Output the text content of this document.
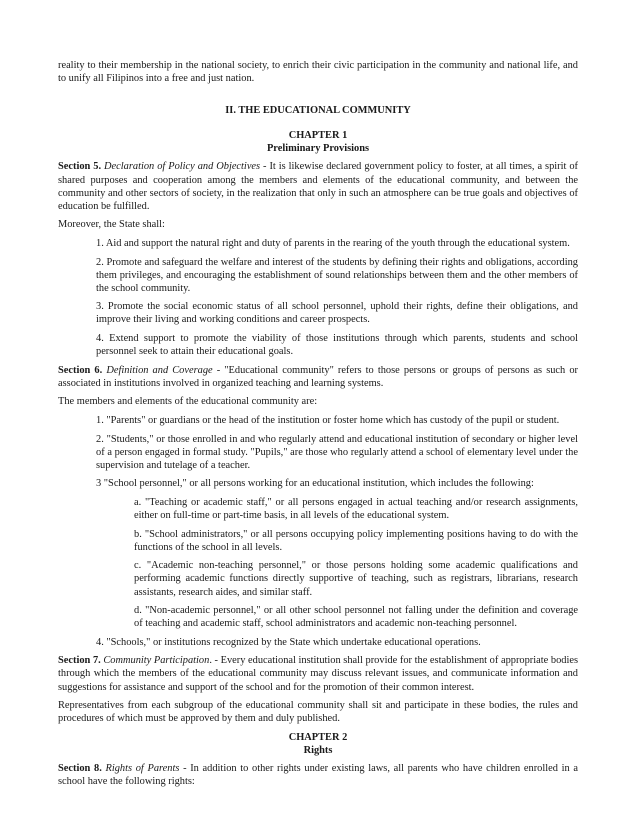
reality to their membership in the national society, to enrich their civic participation in the community and national life, and to unify all Filipinos into a free and just nation.

II. THE EDUCATIONAL COMMUNITY

CHAPTER 1

Preliminary Provisions

Section 5. Declaration of Policy and Objectives - It is likewise declared government policy to foster, at all times, a spirit of shared purposes and cooperation among the members and elements of the educational community, and between the community and other sectors of society, in the realization that only in such an atmosphere can be true goals and objectives of education be fulfilled.

Moreover, the State shall:

1. Aid and support the natural right and duty of parents in the rearing of the youth through the educational system.

2. Promote and safeguard the welfare and interest of the students by defining their rights and obligations, according them privileges, and encouraging the establishment of sound relationships between them and the other members of the school community.

3. Promote the social economic status of all school personnel, uphold their rights, define their obligations, and improve their living and working conditions and career prospects.

4. Extend support to promote the viability of those institutions through which parents, students and school personnel seek to attain their educational goals.

Section 6. Definition and Coverage - "Educational community" refers to those persons or groups of persons as such or associated in institutions involved in organized teaching and learning systems.

The members and elements of the educational community are:

1. "Parents" or guardians or the head of the institution or foster home which has custody of the pupil or student.

2. "Students," or those enrolled in and who regularly attend and educational institution of secondary or higher level of a person engaged in formal study. "Pupils," are those who regularly attend a school of elementary level under the supervision and tutelage of a teacher.

3 "School personnel," or all persons working for an educational institution, which includes the following:

a. "Teaching or academic staff," or all persons engaged in actual teaching and/or research assignments, either on full-time or part-time basis, in all levels of the educational system.

b. "School administrators," or all persons occupying policy implementing positions having to do with the functions of the school in all levels.

c. "Academic non-teaching personnel," or those persons holding some academic qualifications and performing academic functions directly supportive of teaching, such as registrars, librarians, research assistants, research aides, and similar staff.

d. "Non-academic personnel," or all other school personnel not falling under the definition and coverage of teaching and academic staff, school administrators and academic non-teaching personnel.

4. "Schools," or institutions recognized by the State which undertake educational operations.

Section 7. Community Participation. - Every educational institution shall provide for the establishment of appropriate bodies through which the members of the educational community may discuss relevant issues, and communicate information and suggestions for assistance and support of the school and for the promotion of their common interest.

Representatives from each subgroup of the educational community shall sit and participate in these bodies, the rules and procedures of which must be approved by them and duly published.

CHAPTER 2

Rights

Section 8. Rights of Parents - In addition to other rights under existing laws, all parents who have children enrolled in a school have the following rights:
